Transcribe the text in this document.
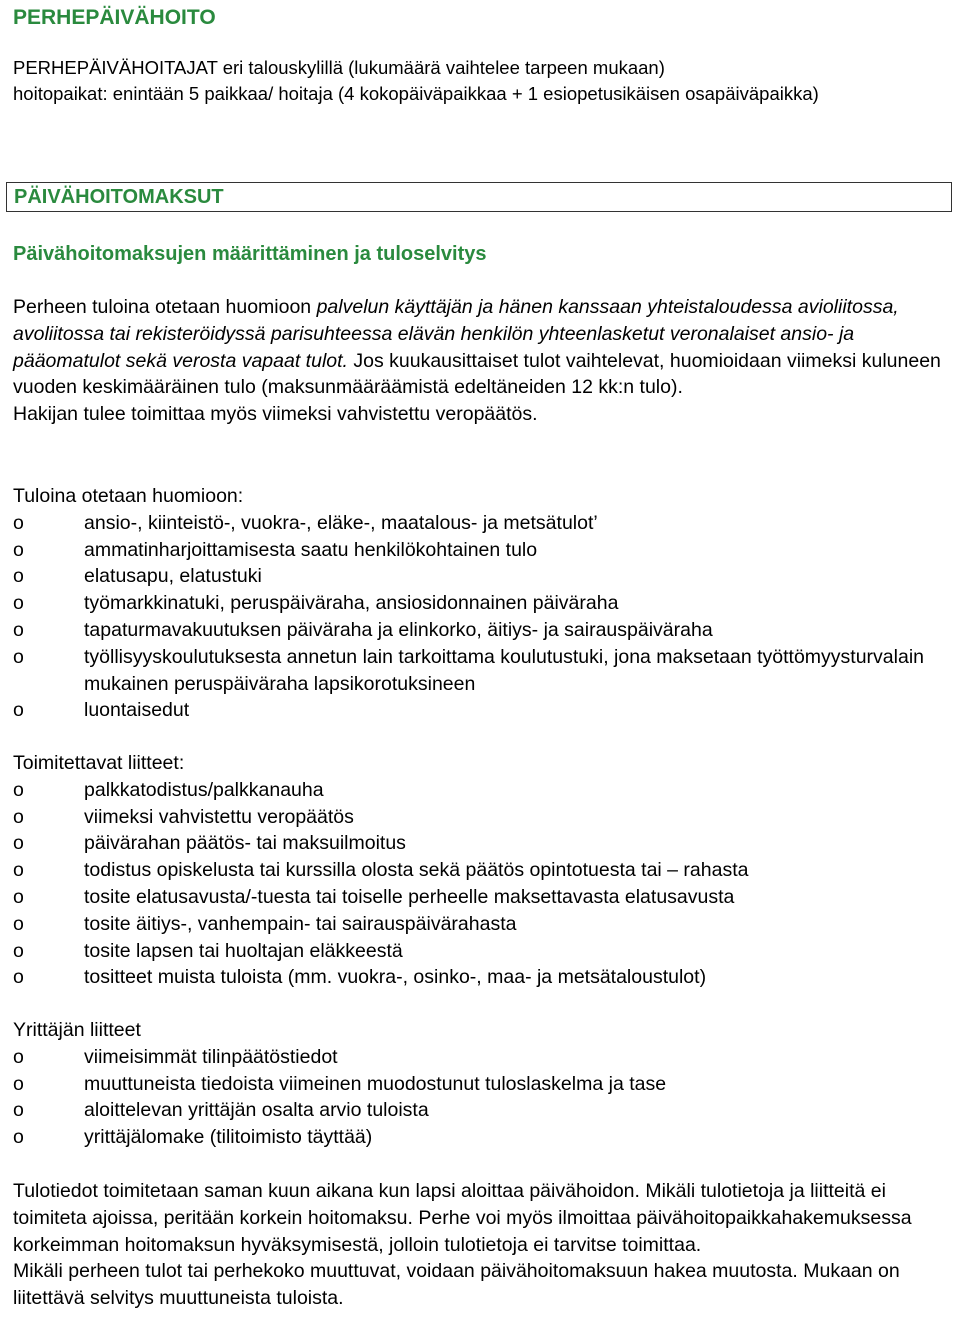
PERHEPÄIVÄHOITO
PERHEPÄIVÄHOITAJAT eri talouskylillä (lukumäärä vaihtelee tarpeen mukaan)
hoitopaikat: enintään 5 paikkaa/ hoitaja (4 kokopäiväpaikkaa + 1 esiopetusikäisen osapäiväpaikka)
PÄIVÄHOITOMAKSUT
Päivähoitomaksujen määrittäminen ja tuloselvitys
Perheen tuloina otetaan huomioon palvelun käyttäjän ja hänen kanssaan yhteistaloudessa avioliitossa, avoliitossa tai rekisteröidyssä parisuhteessa elävän henkilön yhteenlasketut veronalaiset ansio- ja pääomatulot sekä verosta vapaat tulot. Jos kuukausittaiset tulot vaihtelevat, huomioidaan viimeksi kuluneen vuoden keskimääräinen tulo (maksunmääräämistä edeltäneiden 12 kk:n tulo).
Hakijan tulee toimittaa myös viimeksi vahvistettu veropäätös.
Tuloina otetaan huomioon:
o	ansio-, kiinteistö-, vuokra-, eläke-, maatalous- ja metsätulot’
o	ammatinharjoittamisesta saatu henkilökohtainen tulo
o	elatusapu, elatustuki
o	työmarkkinatuki, peruspäiväraha, ansiosidonnainen päiväraha
o	tapaturmavakuutuksen päiväraha ja elinkorko, äitiys- ja sairauspäiväraha
o	työllisyyskoulutuksesta annetun lain tarkoittama koulutustuki, jona maksetaan työttömyysturvalain mukainen peruspäiväraha lapsikorotuksineen
o	luontaisedut
Toimitettavat liitteet:
o	palkkatodistus/palkkanauha
o	viimeksi vahvistettu veropäätös
o	päivärahan päätös- tai maksuilmoitus
o	todistus opiskelusta tai kurssilla olosta sekä päätös opintotuesta tai – rahasta
o	tosite elatusavusta/-tuesta tai toiselle perheelle maksettavasta elatusavusta
o	tosite äitiys-, vanhempain- tai sairauspäivärahasta
o	tosite lapsen tai huoltajan eläkkeestä
o	tositteet muista tuloista (mm. vuokra-, osinko-, maa- ja metsätaloustulot)
Yrittäjän liitteet
o	viimeisimmät tilinpäätöstiedot
o	muuttuneista tiedoista viimeinen muodostunut tuloslaskelma ja tase
o	aloittelevan yrittäjän osalta arvio tuloista
o	yrittäjälomake (tilitoimisto täyttää)
Tulotiedot toimitetaan saman kuun aikana kun lapsi aloittaa päivähoidon. Mikäli tulotietoja ja liitteitä ei toimiteta ajoissa, peritään korkein hoitomaksu. Perhe voi myös ilmoittaa päivähoitopaikkahakemuksessa korkeimman hoitomaksun hyväksymisestä, jolloin tulotietoja ei tarvitse toimittaa.
Mikäli perheen tulot tai perhekoko muuttuvat, voidaan päivähoitomaksuun hakea muutosta. Mukaan on liitettävä selvitys muuttuneista tuloista.
